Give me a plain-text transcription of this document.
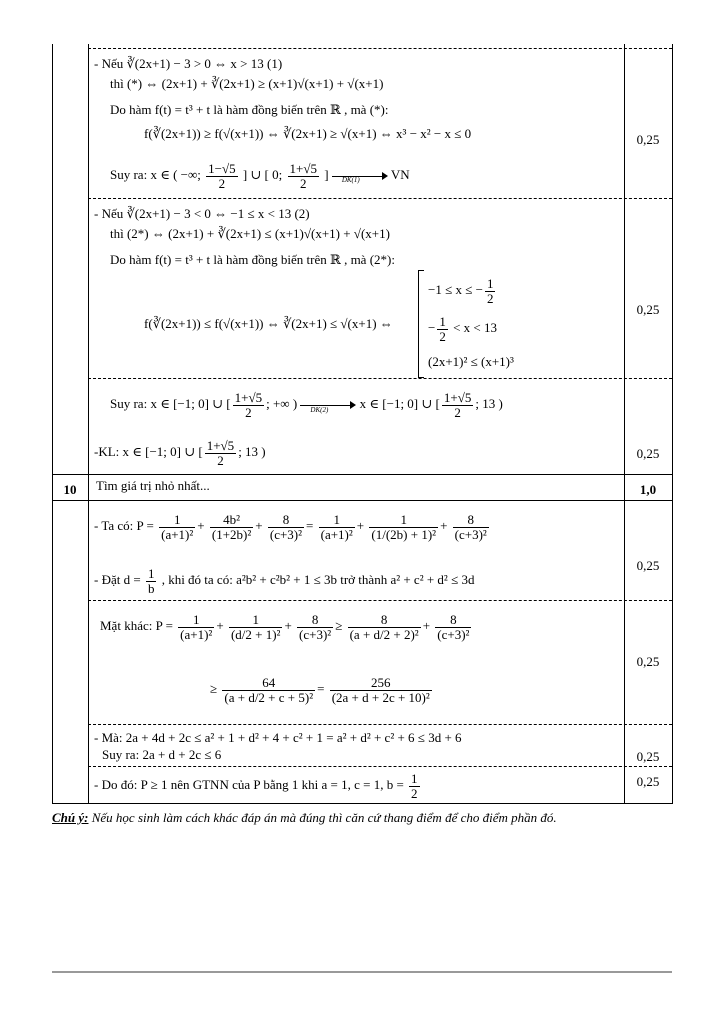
- Nếu ∛(2x+1) − 3 > 0 ⇔ x > 13 (1)
thì (*) ⇔ (2x+1) + ∛(2x+1) ≥ (x+1)√(x+1) + √(x+1)
Do hàm f(t) = t³ + t là hàm đồng biến trên ℝ , mà (*):
f(∛(2x+1)) ≥ f(√(x+1)) ⇔ ∛(2x+1) ≥ √(x+1) ⇔ x³ − x² − x ≤ 0
Suy ra: x ∈ ( −∞; $\frac{1-√5}{2}$ ] ∪ [ 0; $\frac{1+√5}{2}$ ] DK(1) VN
0,25
- Nếu ∛(2x+1) − 3 < 0 ⇔ −1 ≤ x < 13 (2)
thì (2*) ⇔ (2x+1) + ∛(2x+1) ≤ (x+1)√(x+1) + √(x+1)
Do hàm f(t) = t³ + t là hàm đồng biến trên ℝ , mà (2*):
f(∛(2x+1)) ≤ f(√(x+1)) ⇔ ∛(2x+1) ≤ √(x+1) ⇔
−1 ≤ x ≤ − $\frac{1}{2}$
− $\frac{1}{2} < x < 13$
(2x+1)² ≤ (x+1)³
0,25
Suy ra: x ∈ [−1; 0] ∪ [ $\frac{1+√5}{2}$ ; +∞ ) DK(2) x ∈ [−1; 0] ∪ [ $\frac{1+√5}{2}$ ; 13 )
-KL: x ∈ [−1; 0] ∪ [ $\frac{1+√5}{2}$ ; 13 )	0,25
10	Tìm giá trị nhỏ nhất...	1,0
- Ta có: $P = \frac{1}{\text{(a+1)²}} + \frac{\text{4b²}}{\text{(1+2b)²}} + \frac{8}{\text{(c+3)²}} = \frac{1}{\text{(a+1)²}} + \frac{1}{\text{(1/(2b) + 1)²}} + \frac{8}{\text{(c+3)²}}$
- Đặt $d = \frac{1}{b}$ , khi đó ta có: a²b² + c²b² + 1 ≤ 3b trở thành a² + c² + d² ≤ 3d
0,25
Mặt khác: $P = \frac{1}{\text{(a+1)²}} + \frac{1}{\text{(d/2 + 1)²}} + \frac{8}{\text{(c+3)²}} \ge \frac{8}{\text{(a + d/2 + 2)²}} + \frac{8}{\text{(c+3)²}}$
≥ $\frac{64}{\text{(a + d/2 + c + 5)²}} = \frac{256}{\text{(2a + d + 2c + 10)²}}$
0,25
- Mà: 2a + 4d + 2c ≤ a² + 1 + d² + 4 + c² + 1 = a² + d² + c² + 6 ≤ 3d + 6
Suy ra: 2a + d + 2c ≤ 6	0,25
- Do đó: P ≥ 1 nên GTNN của P bằng 1 khi a = 1, c = 1, $b = \frac{1}{2}$	0,25
Chú ý: Nếu học sinh làm cách khác đáp án mà đúng thì căn cứ thang điểm để cho điểm phần đó.
